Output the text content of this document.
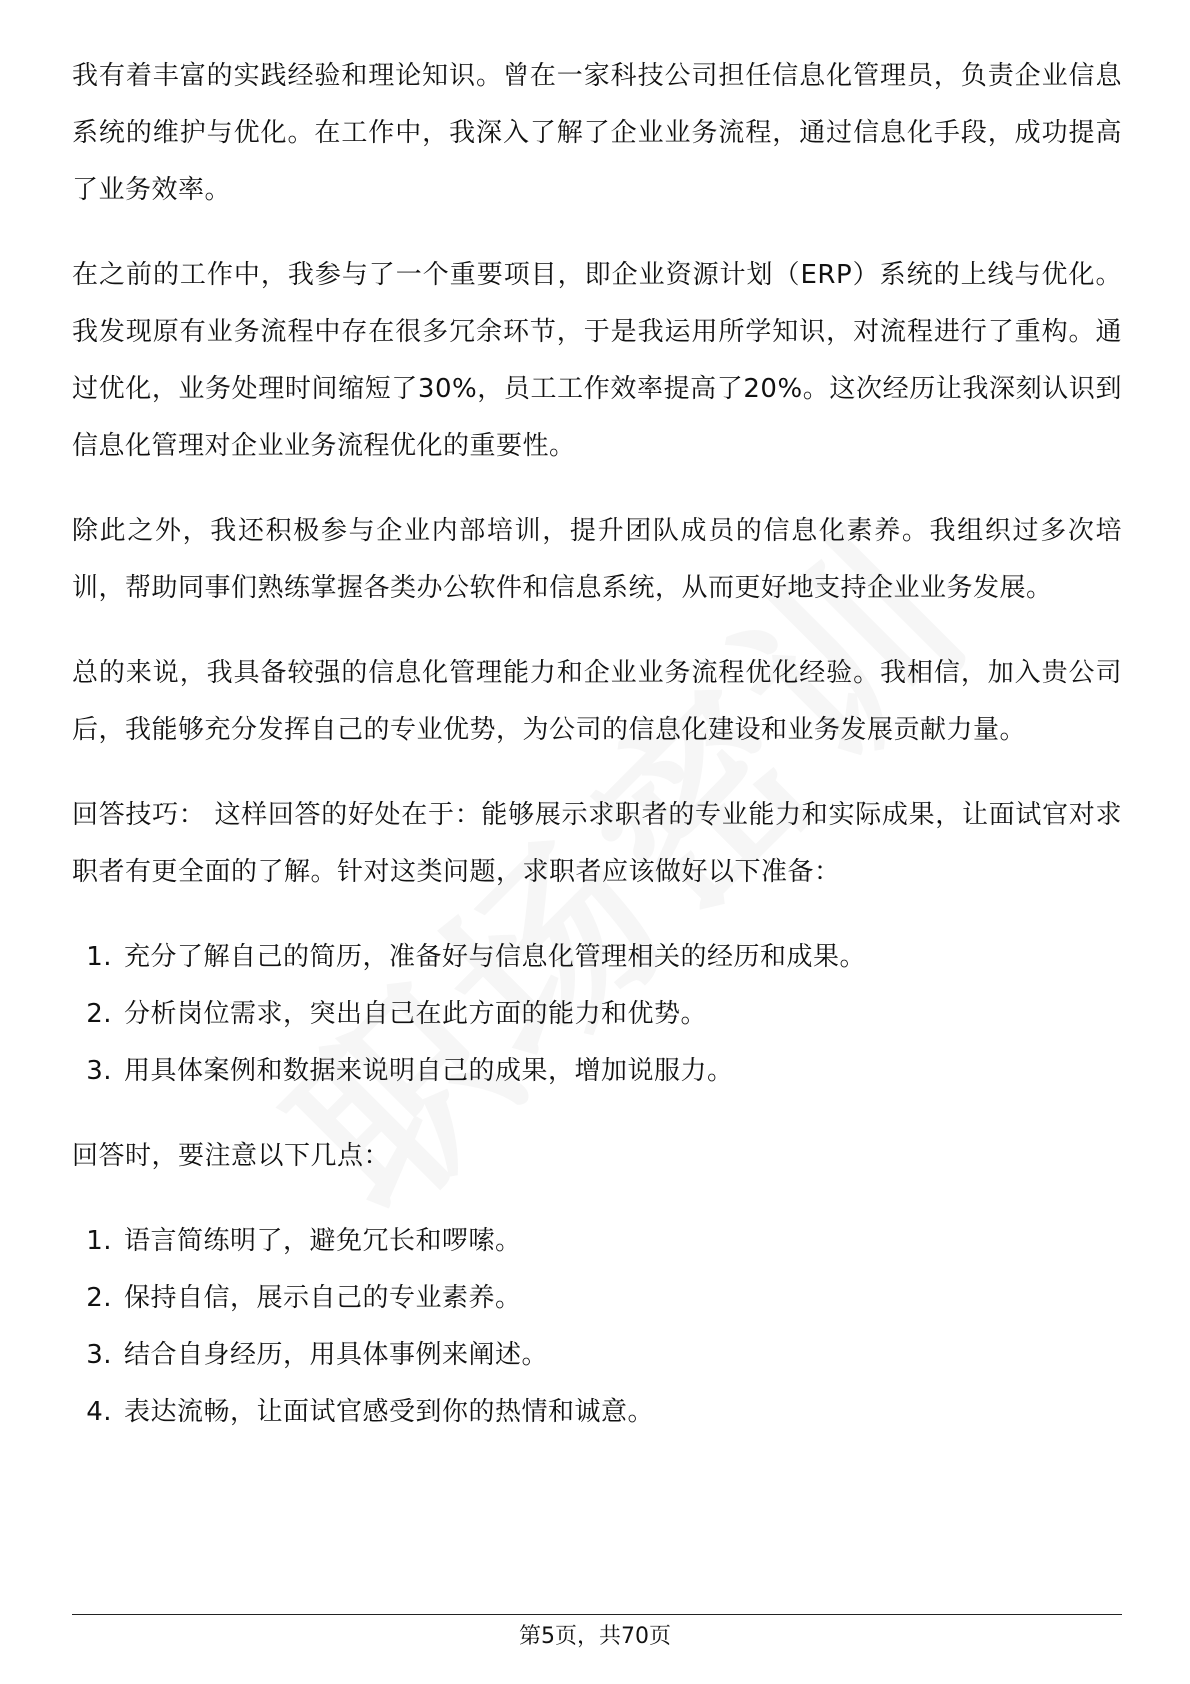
我有着丰富的实践经验和理论知识。曾在一家科技公司担任信息化管理员，负责企业信息系统的维护与优化。在工作中，我深入了解了企业业务流程，通过信息化手段，成功提高了业务效率。

在之前的工作中，我参与了一个重要项目，即企业资源计划（ERP）系统的上线与优化。我发现原有业务流程中存在很多冗余环节，于是我运用所学知识，对流程进行了重构。通过优化，业务处理时间缩短了30%，员工工作效率提高了20%。这次经历让我深刻认识到信息化管理对企业业务流程优化的重要性。

除此之外，我还积极参与企业内部培训，提升团队成员的信息化素养。我组织过多次培训，帮助同事们熟练掌握各类办公软件和信息系统，从而更好地支持企业业务发展。

总的来说，我具备较强的信息化管理能力和企业业务流程优化经验。我相信，加入贵公司后，我能够充分发挥自己的专业优势，为公司的信息化建设和业务发展贡献力量。

回答技巧： 这样回答的好处在于：能够展示求职者的专业能力和实际成果，让面试官对求职者有更全面的了解。针对这类问题，求职者应该做好以下准备：

1. 充分了解自己的简历，准备好与信息化管理相关的经历和成果。
2. 分析岗位需求，突出自己在此方面的能力和优势。
3. 用具体案例和数据来说明自己的成果，增加说服力。

回答时，要注意以下几点：

1. 语言简练明了，避免冗长和啰嗦。
2. 保持自信，展示自己的专业素养。
3. 结合自身经历，用具体事例来阐述。
4. 表达流畅，让面试官感受到你的热情和诚意。
第5页，共70页
